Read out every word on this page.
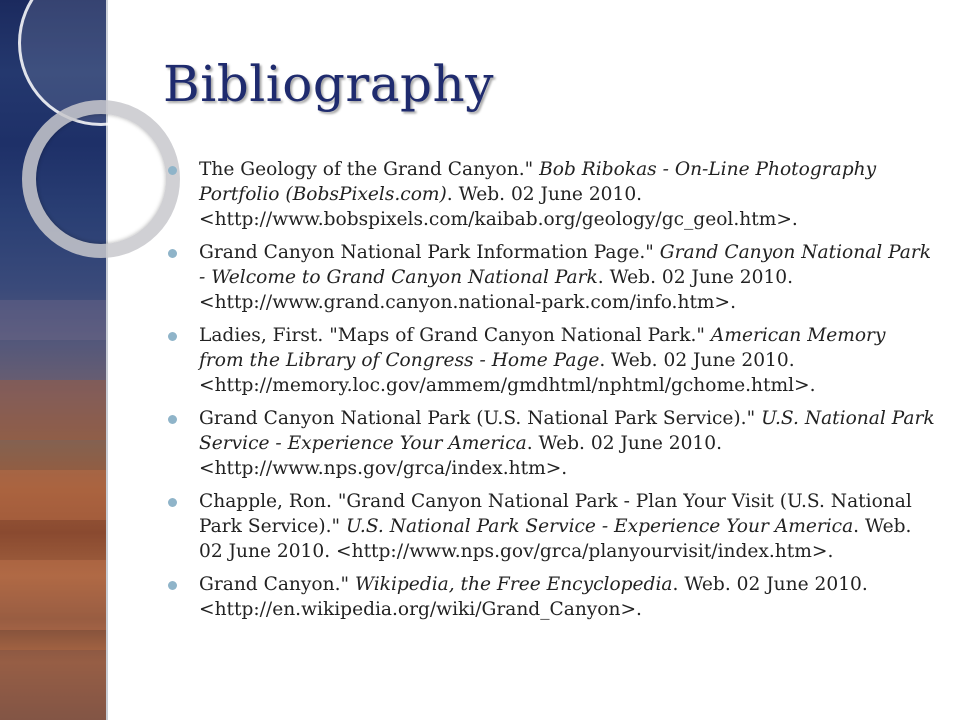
Bibliography
The Geology of the Grand Canyon." Bob Ribokas - On-Line Photography Portfolio (BobsPixels.com). Web. 02 June 2010. <http://www.bobspixels.com/kaibab.org/geology/gc_geol.htm>.
Grand Canyon National Park Information Page." Grand Canyon National Park - Welcome to Grand Canyon National Park. Web. 02 June 2010. <http://www.grand.canyon.national-park.com/info.htm>.
Ladies, First. "Maps of Grand Canyon National Park." American Memory from the Library of Congress - Home Page. Web. 02 June 2010. <http://memory.loc.gov/ammem/gmdhtml/nphtml/gchome.html>.
Grand Canyon National Park (U.S. National Park Service)." U.S. National Park Service - Experience Your America. Web. 02 June 2010. <http://www.nps.gov/grca/index.htm>.
Chapple, Ron. "Grand Canyon National Park - Plan Your Visit (U.S. National Park Service)." U.S. National Park Service - Experience Your America. Web. 02 June 2010. <http://www.nps.gov/grca/planyourvisit/index.htm>.
Grand Canyon." Wikipedia, the Free Encyclopedia. Web. 02 June 2010. <http://en.wikipedia.org/wiki/Grand_Canyon>.
